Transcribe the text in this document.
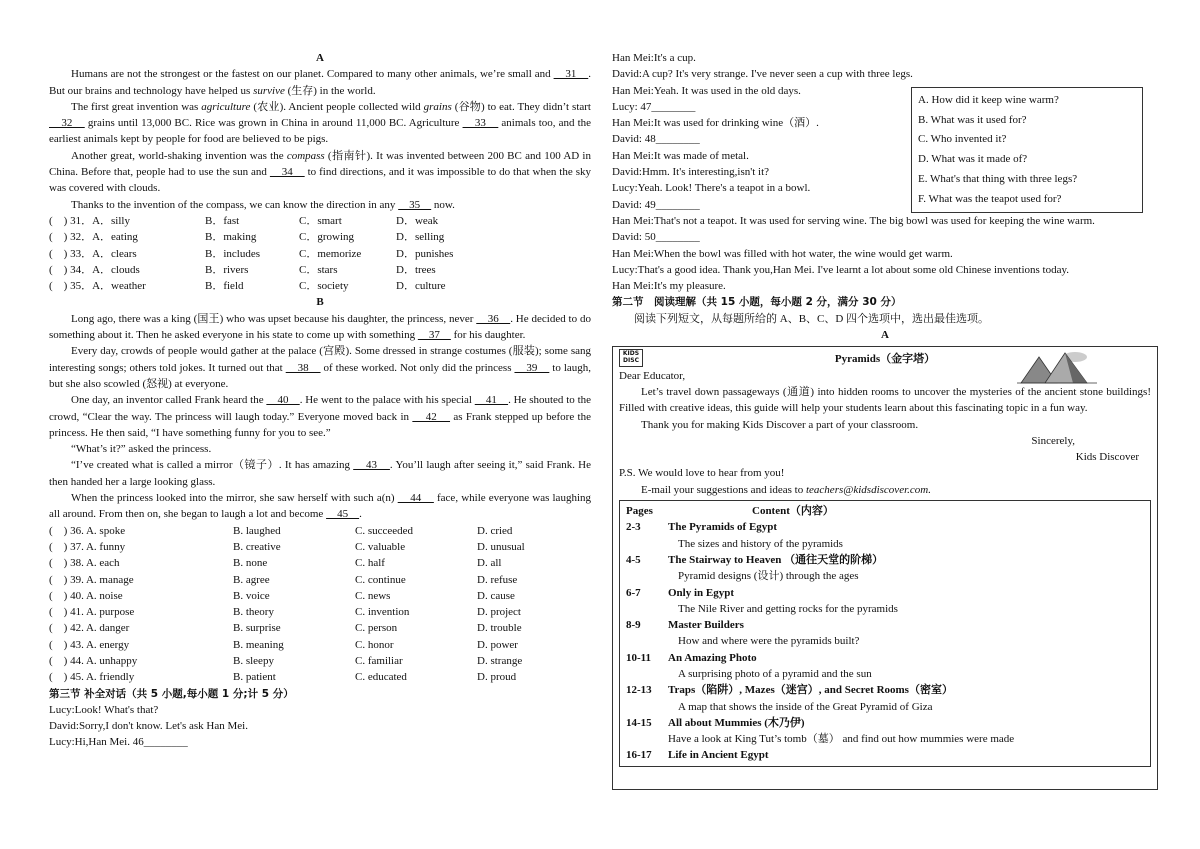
A

Humans are not the strongest or the fastest on our planet. Compared to many other animals, we’re small and     31    . But our brains and technology have helped us survive (生存) in the world.

The first great invention was agriculture (农业). Ancient people collected wild grains (谷物) to eat. They didn’t start     32     grains until 13,000 BC. Rice was grown in China in around 11,000 BC. Agriculture     33     animals too, and the earliest animals kept by people for food are believed to be pigs.

Another great, world-shaking invention was the compass (指南针). It was invented between 200 BC and 100 AD in China. Before that, people had to use the sun and     34     to find directions, and it was impossible to do that when the sky was covered with clouds.

Thanks to the invention of the compass, we can know the direction in any     35     now.

(　) 31．A．silly	B．fast	C．smart	D．weak
(　) 32．A．eating	B．making	C．growing	D．selling
(　) 33．A．clears	B．includes	C．memorize	D．punishes
(　) 34．A．clouds	B．rivers	C．stars	D．trees
(　) 35．A．weather	B．field	C．society	D．culture

B

Long ago, there was a king (国王) who was upset because his daughter, the princess, never     36    . He decided to do something about it. Then he asked everyone in his state to come up with something     37     for his daughter.

Every day, crowds of people would gather at the palace (宫殿). Some dressed in strange costumes (服装); some sang interesting songs; others told jokes. It turned out that     38     of these worked. Not only did the princess     39     to laugh, but she also scowled (怒视) at everyone.

One day, an inventor called Frank heard the     40    . He went to the palace with his special     41    . He shouted to the crowd, “Clear the way. The princess will laugh today.” Everyone moved back in     42     as Frank stepped up before the princess. He then said, “I have something funny for you to see.”

“What’s it?” asked the princess.

“I’ve created what is called a mirror（镜子）. It has amazing     43    . You’ll laugh after seeing it,” said Frank. He then handed her a large looking glass.

When the princess looked into the mirror, she saw herself with such a(n)     44     face, while everyone was laughing all around. From then on, she began to laugh a lot and become     45    .

(　) 36. A. spoke	B. laughed	C. succeeded	D. cried
(　) 37. A. funny	B. creative	C. valuable	D. unusual
(　) 38. A. each	B. none	C. half	D. all
(　) 39. A. manage	B. agree	C. continue	D. refuse
(　) 40. A. noise	B. voice	C. news	D. cause
(　) 41. A. purpose	B. theory	C. invention	D. project
(　) 42. A. danger	B. surprise	C. person	D. trouble
(　) 43. A. energy	B. meaning	C. honor	D. power
(　) 44. A. unhappy	B. sleepy	C. familiar	D. strange
(　) 45. A. friendly	B. patient	C. educated	D. proud

第三节 补全对话（共 5 小题,每小题 1 分;计 5 分）

Lucy:Look! What's that?

David:Sorry,I don't know. Let's ask Han Mei.

Lucy:Hi,Han Mei. 46________

Han Mei:It's a cup.

David:A cup? It's very strange. I've never seen a cup with three legs.

Han Mei:Yeah. It was used in the old days.

Lucy: 47________

Han Mei:It was used for drinking wine（酒）.

David: 48________

Han Mei:It was made of metal.

David:Hmm. It's interesting,isn't it?

Lucy:Yeah. Look! There's a teapot in a bowl.

David: 49________

Han Mei:That's not a teapot. It was used for serving wine. The big bowl was used for keeping the wine warm.

David: 50________

Han Mei:When the bowl was filled with hot water, the wine would get warm.

Lucy:That's a good idea. Thank you,Han Mei. I've learnt a lot about some old Chinese inventions today.

Han Mei:It's my pleasure.

A. How did it keep wine warm?

B. What was it used for?

C. Who invented it?

D. What was it made of?

E. What's that thing with three legs?

F. What was the teapot used for?

第二节　阅读理解（共 15 小题，每小题 2 分，满分 30 分）

阅读下列短文，从每题所给的 A、B、C、D 四个选项中，选出最佳选项。

A

KIDS
DISC	Pyramids（金字塔）

Dear Educator,

Let’s travel down passageways (通道) into hidden rooms to uncover the mysteries of the ancient stone buildings! Filled with creative ideas, this guide will help your students learn about this fascinating topic in a fun way.

Thank you for making Kids Discover a part of your classroom.

Sincerely,

Kids Discover

P.S. We would love to hear from you!

E-mail your suggestions and ideas to teachers@kidsdiscover.com.

Pages	Content（内容）
2-3	The Pyramids of Egypt

The sizes and history of the pyramids

4-5	The Stairway to Heaven （通往天堂的阶梯）

Pyramid designs (设计) through the ages

6-7	Only in Egypt

The Nile River and getting rocks for the pyramids

8-9	Master Builders

How and where were the pyramids built?

10-11	An Amazing Photo

A surprising photo of a pyramid and the sun

12-13	Traps（陷阱）, Mazes（迷宫）, and Secret Rooms（密室）

A map that shows the inside of the Great Pyramid of Giza

14-15	All about Mummies (木乃伊)

Have a look at King Tut’s tomb（墓） and find out how mummies were made

16-17	Life in Ancient Egypt
